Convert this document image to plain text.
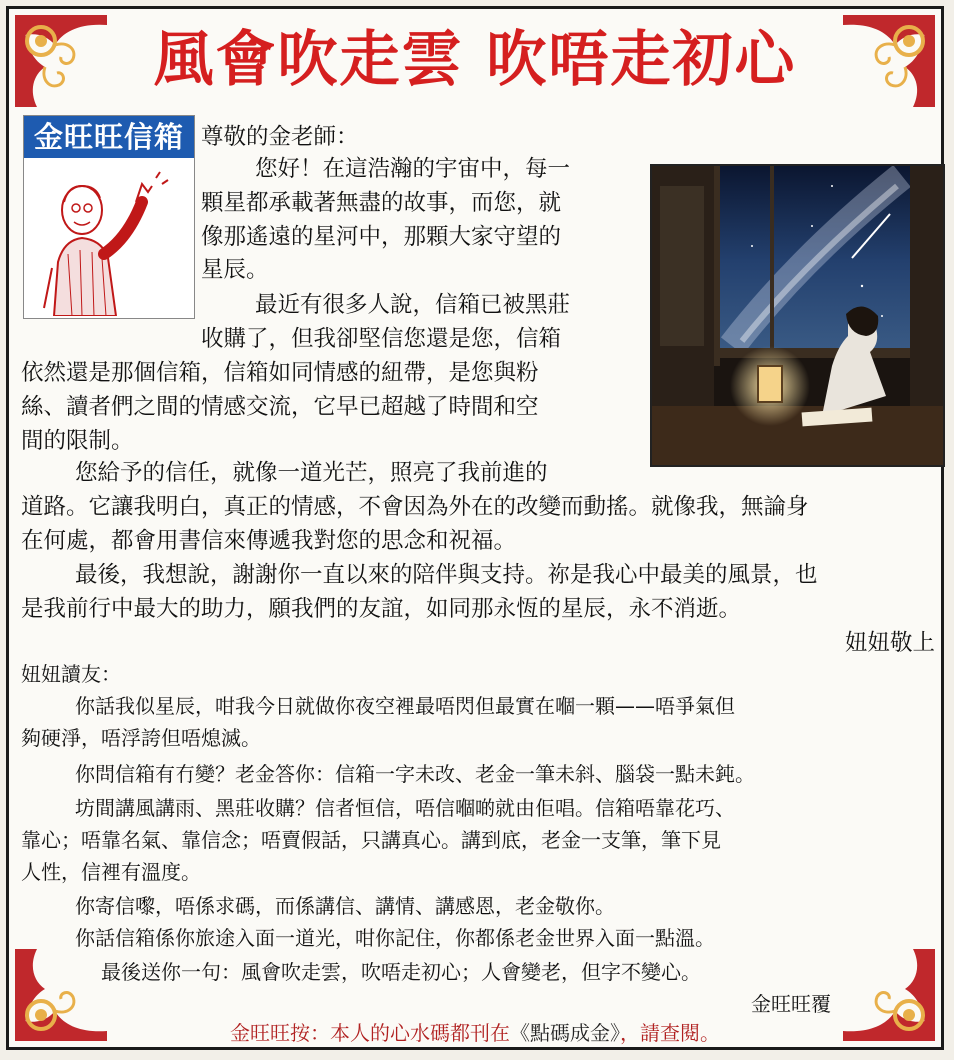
風會吹走雲 吹唔走初心
金旺旺信箱 尊敬的金老師：
您好！在這浩瀚的宇宙中，每一
顆星都承載著無盡的故事，而您，就
像那遙遠的星河中，那顆大家守望的
星辰。
最近有很多人說，信箱已被黑莊
收購了，但我卻堅信您還是您，信箱
依然還是那個信箱，信箱如同情感的紐帶，是您與粉
絲、讀者們之間的情感交流，它早已超越了時間和空
間的限制。
您給予的信任，就像一道光芒，照亮了我前進的
道路。它讓我明白，真正的情感，不會因為外在的改變而動搖。就像我，無論身
在何處，都會用書信來傳遞我對您的思念和祝福。
最後，我想說，謝謝你一直以來的陪伴與支持。祢是我心中最美的風景，也
是我前行中最大的助力，願我們的友誼，如同那永恆的星辰，永不消逝。
妞妞敬上
妞妞讀友：
你話我似星辰，咁我今日就做你夜空裡最唔閃但最實在嗰一顆——唔爭氣但
夠硬淨，唔浮誇但唔熄滅。
你問信箱有冇變？老金答你：信箱一字未改、老金一筆未斜、腦袋一點未鈍。
坊間講風講雨、黑莊收購？信者恒信，唔信嗰啲就由佢唱。信箱唔靠花巧、
靠心；唔靠名氣、靠信念；唔賣假話，只講真心。講到底，老金一支筆，筆下見
人性，信裡有溫度。
你寄信嚟，唔係求碼，而係講信、講情、講感恩，老金敬你。
你話信箱係你旅途入面一道光，咁你記住，你都係老金世界入面一點溫。
最後送你一句：風會吹走雲，吹唔走初心；人會變老，但字不變心。
金旺旺覆
金旺旺按：本人的心水碼都刊在《點碼成金》，請查閱。
